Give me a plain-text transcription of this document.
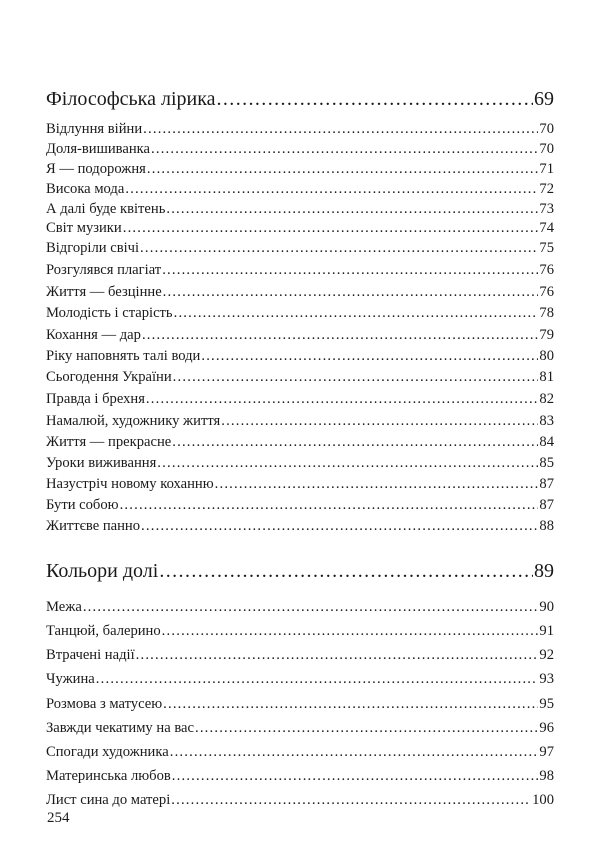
Філософська лірика .....	69
Відлуння війни .....	70
Доля-вишиванка .....	70
Я — подорожня .....	71
Висока мода .....	72
А далі буде квітень .....	73
Світ музики .....	74
Відгоріли свічі .....	75
Розгулявся плагіат .....	76
Життя — безцінне .....	76
Молодість і старість .....	78
Кохання — дар .....	79
Ріку наповнять талі води .....	80
Сьогодення України .....	81
Правда і брехня .....	82
Намалюй, художнику життя .....	83
Життя — прекрасне .....	84
Уроки виживання .....	85
Назустріч новому коханню .....	87
Бути собою .....	87
Життєве панно .....	88
Кольори долі .....	89
Межа .....	90
Танцюй, балерино .....	91
Втрачені надії .....	92
Чужина .....	93
Розмова з матусею .....	95
Завжди чекатиму на вас .....	96
Спогади художника .....	97
Материнська любов .....	98
Лист сина до матері .....	100
254
